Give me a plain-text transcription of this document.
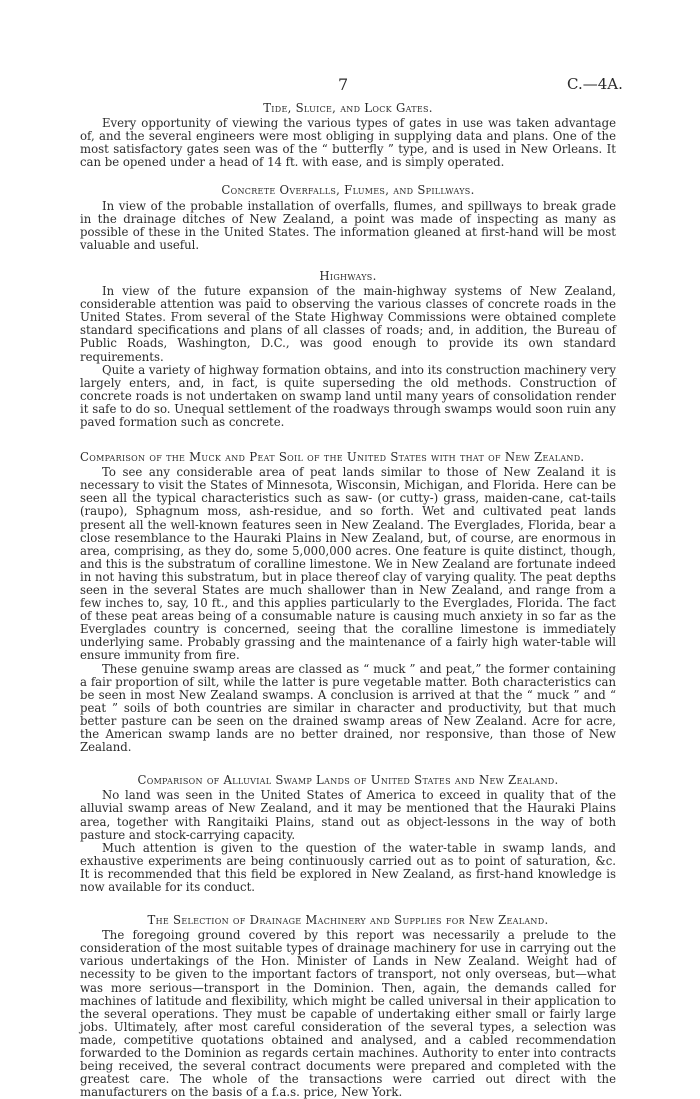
7	C.—4A.
Tide, Sluice, and Lock Gates.

Every opportunity of viewing the various types of gates in use was taken advantage of, and the several engineers were most obliging in supplying data and plans. One of the most satisfactory gates seen was of the “ butterfly ” type, and is used in New Orleans. It can be opened under a head of 14 ft. with ease, and is simply operated.

Concrete Overfalls, Flumes, and Spillways.

In view of the probable installation of overfalls, flumes, and spillways to break grade in the drainage ditches of New Zealand, a point was made of inspecting as many as possible of these in the United States. The information gleaned at first-hand will be most valuable and useful.

Highways.

In view of the future expansion of the main-highway systems of New Zealand, considerable attention was paid to observing the various classes of concrete roads in the United States. From several of the State Highway Commissions were obtained complete standard specifications and plans of all classes of roads; and, in addition, the Bureau of Public Roads, Washington, D.C., was good enough to provide its own standard requirements.

Quite a variety of highway formation obtains, and into its construction machinery very largely enters, and, in fact, is quite superseding the old methods. Construction of concrete roads is not undertaken on swamp land until many years of consolidation render it safe to do so. Unequal settlement of the roadways through swamps would soon ruin any paved formation such as concrete.

Comparison of the Muck and Peat Soil of the United States with that of New Zealand.

To see any considerable area of peat lands similar to those of New Zealand it is necessary to visit the States of Minnesota, Wisconsin, Michigan, and Florida. Here can be seen all the typical characteristics such as saw- (or cutty-) grass, maiden-cane, cat-tails (raupo), Sphagnum moss, ash-residue, and so forth. Wet and cultivated peat lands present all the well-known features seen in New Zealand. The Everglades, Florida, bear a close resemblance to the Hauraki Plains in New Zealand, but, of course, are enormous in area, comprising, as they do, some 5,000,000 acres. One feature is quite distinct, though, and this is the substratum of coralline limestone. We in New Zealand are fortunate indeed in not having this substratum, but in place thereof clay of varying quality. The peat depths seen in the several States are much shallower than in New Zealand, and range from a few inches to, say, 10 ft., and this applies particularly to the Everglades, Florida. The fact of these peat areas being of a consumable nature is causing much anxiety in so far as the Everglades country is concerned, seeing that the coralline limestone is immediately underlying same. Probably grassing and the maintenance of a fairly high water-table will ensure immunity from fire.

These genuine swamp areas are classed as “ muck ” and peat,” the former containing a fair proportion of silt, while the latter is pure vegetable matter. Both characteristics can be seen in most New Zealand swamps. A conclusion is arrived at that the “ muck ” and “ peat ” soils of both countries are similar in character and productivity, but that much better pasture can be seen on the drained swamp areas of New Zealand. Acre for acre, the American swamp lands are no better drained, nor responsive, than those of New Zealand.

Comparison of Alluvial Swamp Lands of United States and New Zealand.

No land was seen in the United States of America to exceed in quality that of the alluvial swamp areas of New Zealand, and it may be mentioned that the Hauraki Plains area, together with Rangitaiki Plains, stand out as object-lessons in the way of both pasture and stock-carrying capacity.

Much attention is given to the question of the water-table in swamp lands, and exhaustive experiments are being continuously carried out as to point of saturation, &c. It is recommended that this field be explored in New Zealand, as first-hand knowledge is now available for its conduct.

The Selection of Drainage Machinery and Supplies for New Zealand.

The foregoing ground covered by this report was necessarily a prelude to the consideration of the most suitable types of drainage machinery for use in carrying out the various undertakings of the Hon. Minister of Lands in New Zealand. Weight had of necessity to be given to the important factors of transport, not only overseas, but—what was more serious—transport in the Dominion. Then, again, the demands called for machines of latitude and flexibility, which might be called universal in their application to the several operations. They must be capable of undertaking either small or fairly large jobs. Ultimately, after most careful consideration of the several types, a selection was made, competitive quotations obtained and analysed, and a cabled recommendation forwarded to the Dominion as regards certain machines. Authority to enter into contracts being received, the several contract documents were prepared and completed with the greatest care. The whole of the transactions were carried out direct with the manufacturers on the basis of a f.a.s. price, New York.
